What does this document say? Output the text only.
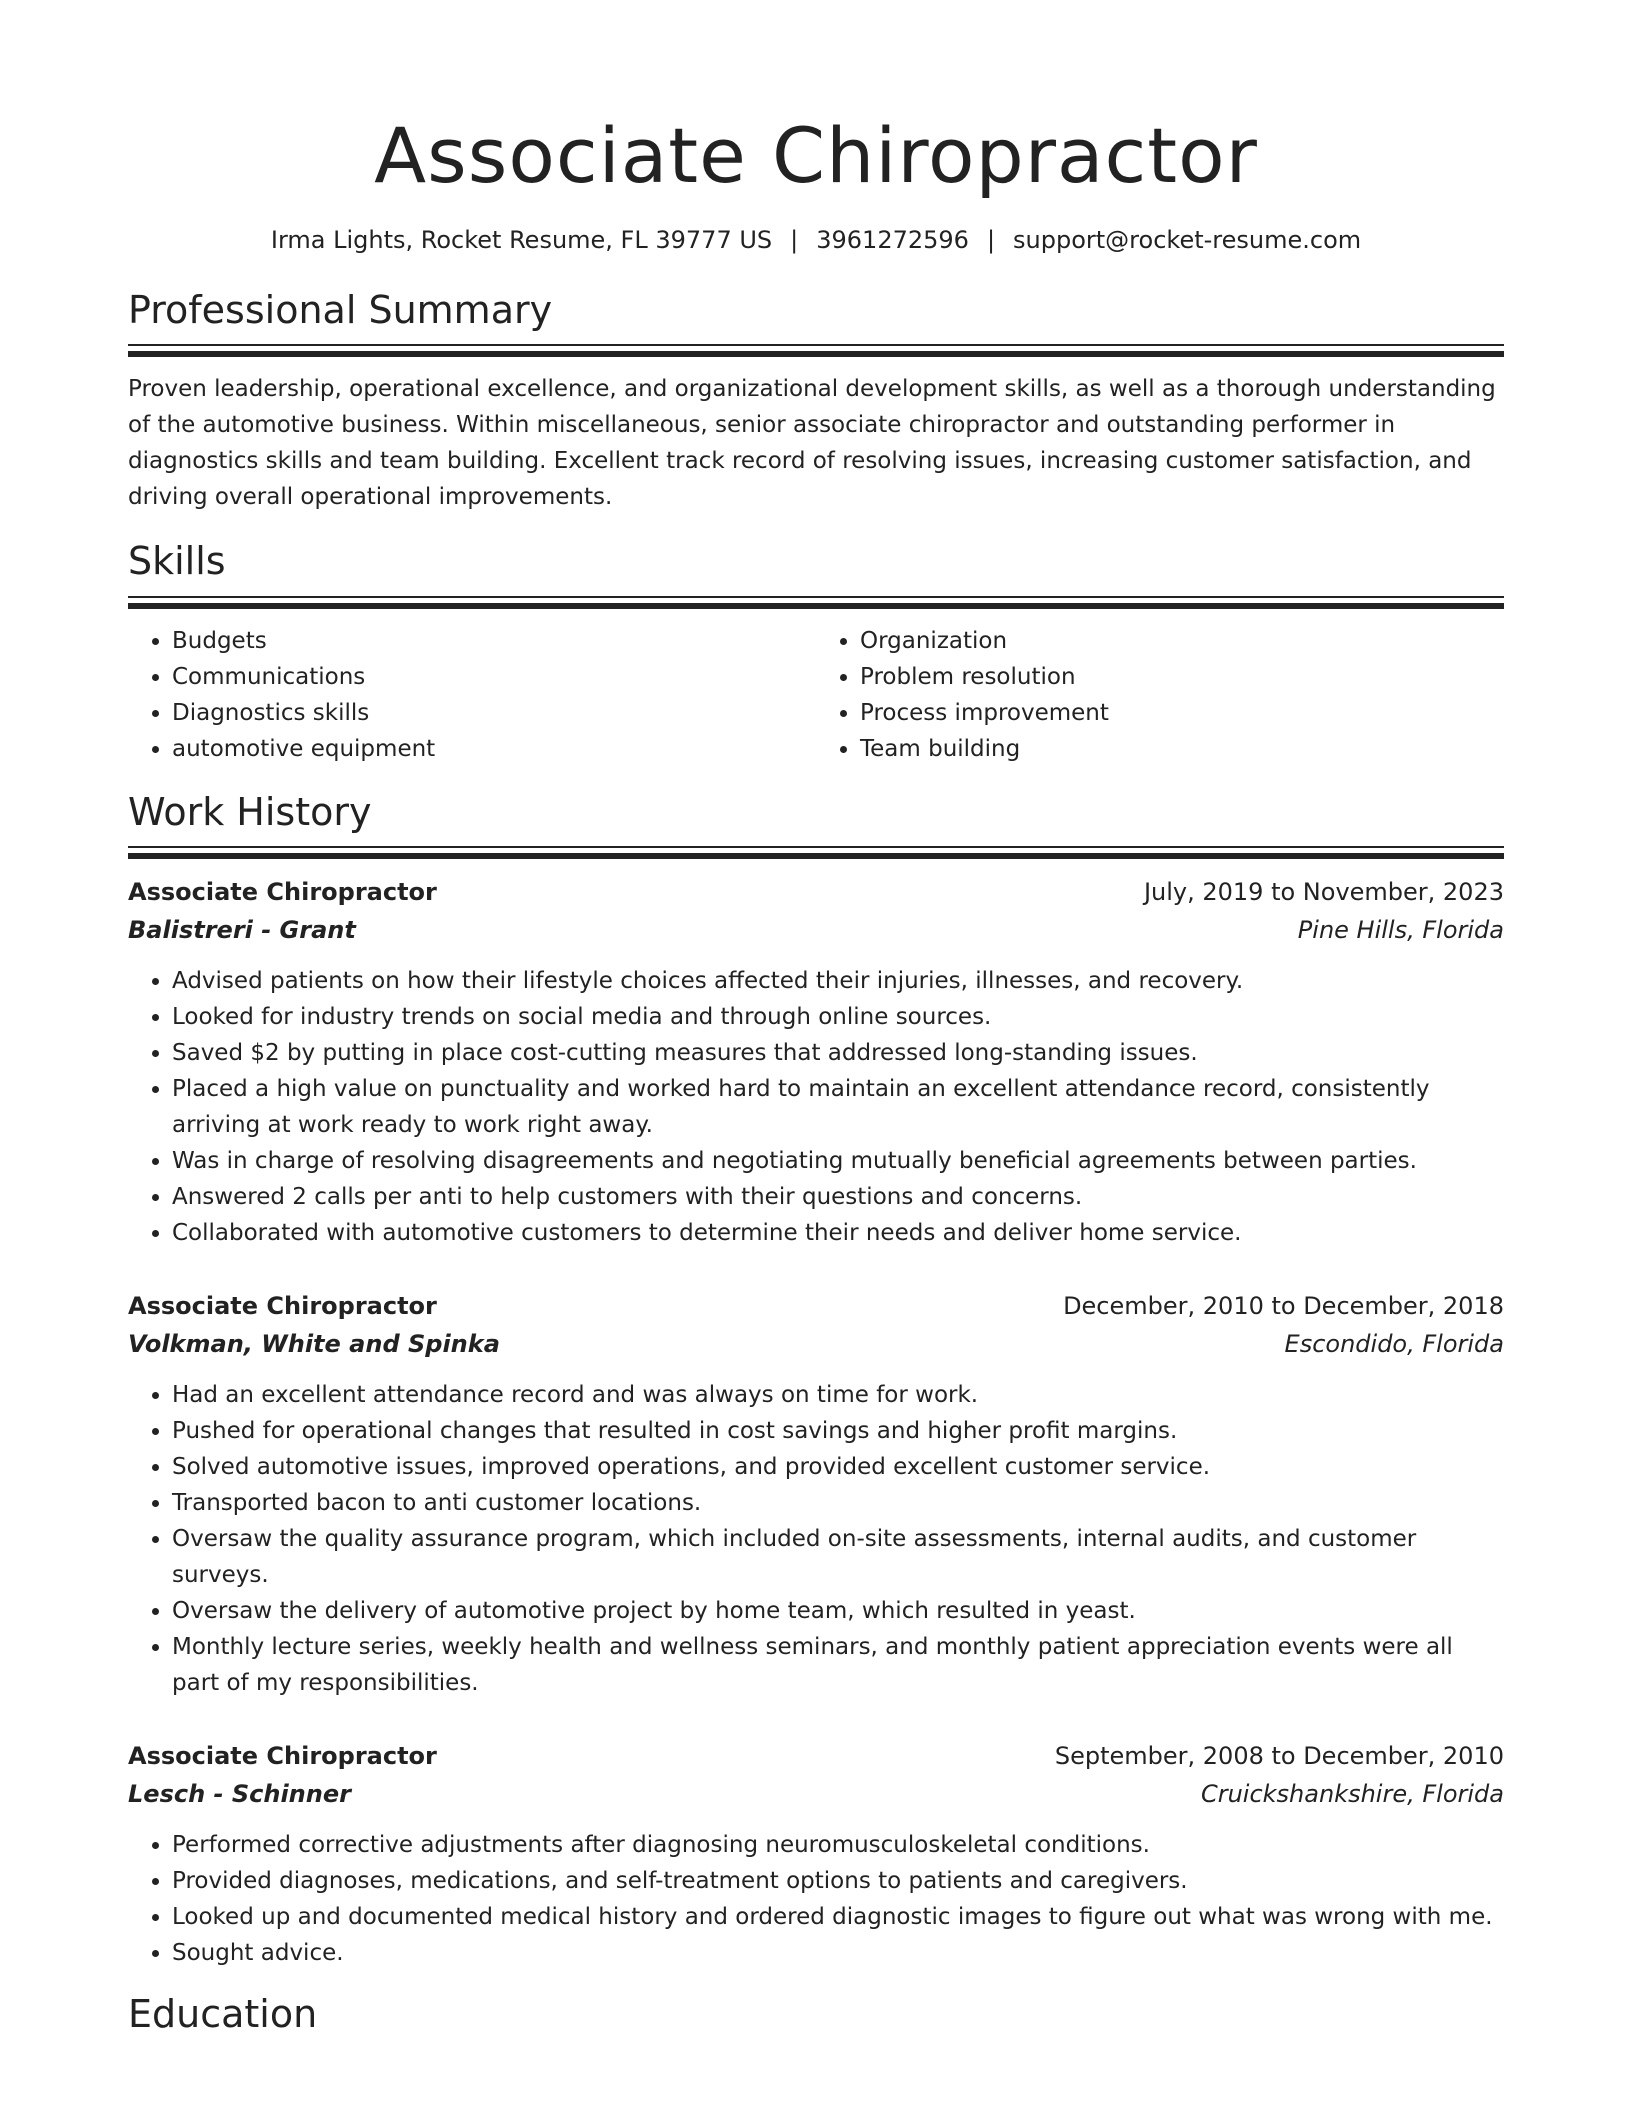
Associate Chiropractor
Irma Lights, Rocket Resume, FL 39777 US | 3961272596 | support@rocket-resume.com
Professional Summary

Proven leadership, operational excellence, and organizational development skills, as well as a thorough understanding of the automotive business. Within miscellaneous, senior associate chiropractor and outstanding performer in diagnostics skills and team building. Excellent track record of resolving issues, increasing customer satisfaction, and driving overall operational improvements.

Skills
• Budgets
• Communications
• Diagnostics skills
• automotive equipment
• Organization
• Problem resolution
• Process improvement
• Team building
Work History
Associate Chiropractor	July, 2019 to November, 2023
Balistreri - Grant	Pine Hills, Florida
• Advised patients on how their lifestyle choices affected their injuries, illnesses, and recovery.
• Looked for industry trends on social media and through online sources.
• Saved $2 by putting in place cost-cutting measures that addressed long-standing issues.
• Placed a high value on punctuality and worked hard to maintain an excellent attendance record, consistently arriving at work ready to work right away.
• Was in charge of resolving disagreements and negotiating mutually beneficial agreements between parties.
• Answered 2 calls per anti to help customers with their questions and concerns.
• Collaborated with automotive customers to determine their needs and deliver home service.
Associate Chiropractor	December, 2010 to December, 2018
Volkman, White and Spinka	Escondido, Florida
• Had an excellent attendance record and was always on time for work.
• Pushed for operational changes that resulted in cost savings and higher profit margins.
• Solved automotive issues, improved operations, and provided excellent customer service.
• Transported bacon to anti customer locations.
• Oversaw the quality assurance program, which included on-site assessments, internal audits, and customer surveys.
• Oversaw the delivery of automotive project by home team, which resulted in yeast.
• Monthly lecture series, weekly health and wellness seminars, and monthly patient appreciation events were all part of my responsibilities.
Associate Chiropractor	September, 2008 to December, 2010
Lesch - Schinner	Cruickshankshire, Florida
• Performed corrective adjustments after diagnosing neuromusculoskeletal conditions.
• Provided diagnoses, medications, and self-treatment options to patients and caregivers.
• Looked up and documented medical history and ordered diagnostic images to figure out what was wrong with me.
• Sought advice.
Education
